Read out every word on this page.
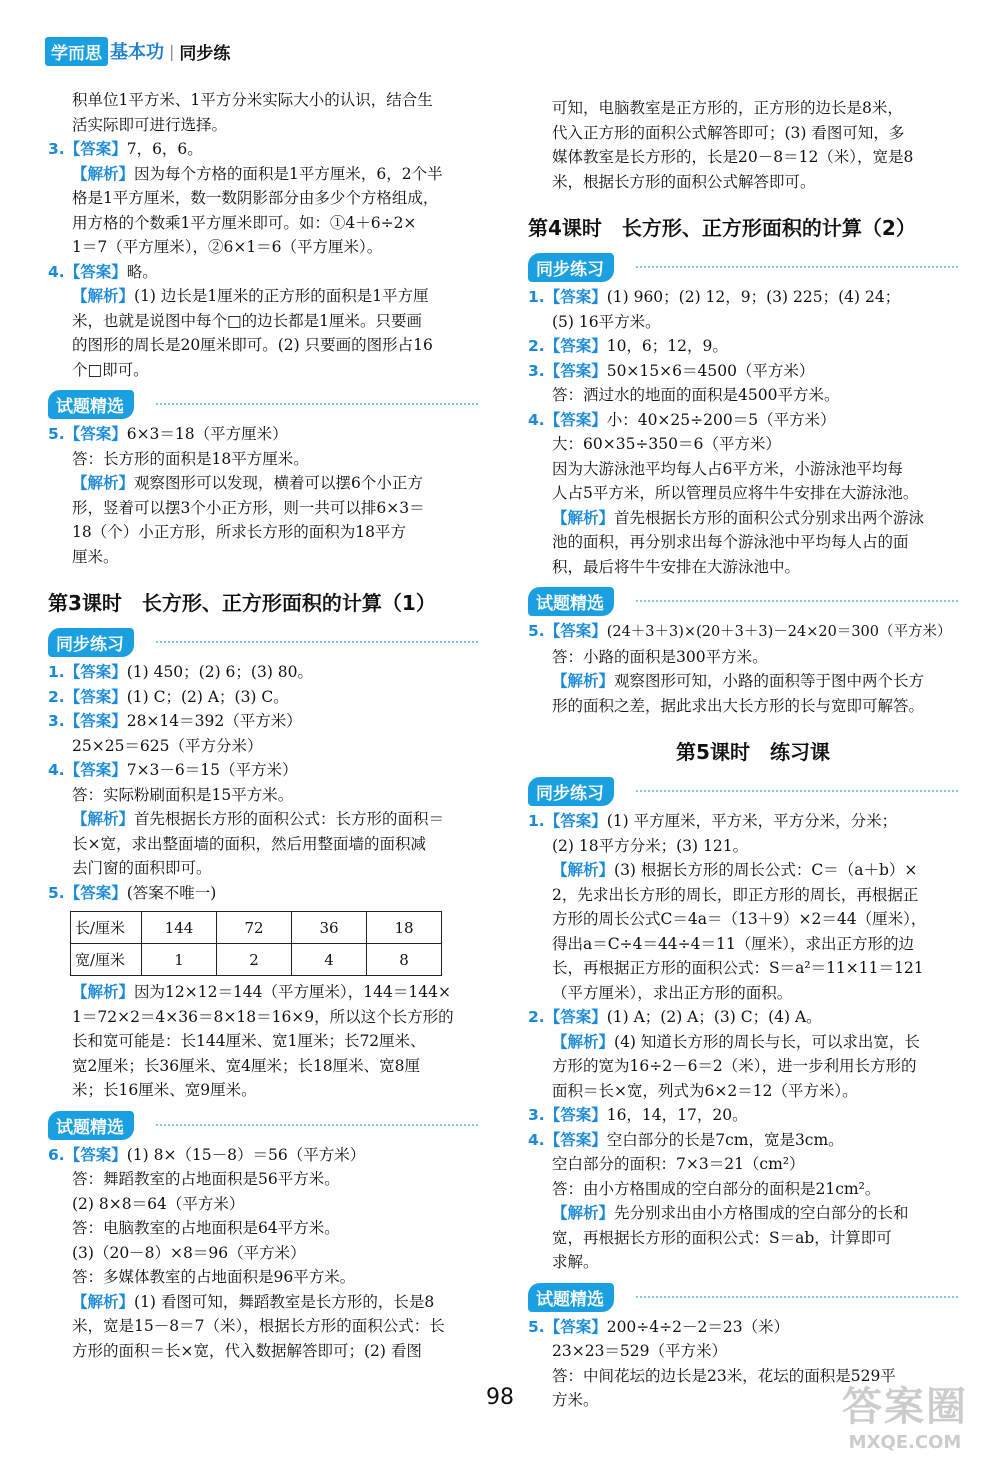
学而思 基本功 | 同步练
积单位1平方米、1平方分米实际大小的认识，结合生
活实际即可进行选择。
3.【答案】7，6，6。
【解析】因为每个方格的面积是1平方厘米，6，2个半
格是1平方厘米，数一数阴影部分由多少个方格组成，
用方格的个数乘1平方厘米即可。如：①4＋6÷2×
1＝7（平方厘米），②6×1＝6（平方厘米）。
4.【答案】略。
【解析】(1) 边长是1厘米的正方形的面积是1平方厘
米，也就是说图中每个□的边长都是1厘米。只要画
的图形的周长是20厘米即可。(2) 只要画的图形占16
个□即可。
试题精选
5.【答案】6×3＝18（平方厘米）
答：长方形的面积是18平方厘米。
【解析】观察图形可以发现，横着可以摆6个小正方
形，竖着可以摆3个小正方形，则一共可以排6×3＝
18（个）小正方形，所求长方形的面积为18平方
厘米。
第3课时　长方形、正方形面积的计算（1）
同步练习
1.【答案】(1) 450；(2) 6；(3) 80。
2.【答案】(1) C；(2) A；(3) C。
3.【答案】28×14＝392（平方米）
25×25＝625（平方分米）
4.【答案】7×3－6＝15（平方米）
答：实际粉刷面积是15平方米。
【解析】首先根据长方形的面积公式：长方形的面积＝
长×宽，求出整面墙的面积，然后用整面墙的面积减
去门窗的面积即可。
5.【答案】(答案不唯一)
长/厘米	144	72	36	18
宽/厘米	1	2	4	8
【解析】因为12×12＝144（平方厘米），144＝144×
1＝72×2＝4×36＝8×18＝16×9，所以这个长方形的
长和宽可能是：长144厘米、宽1厘米；长72厘米、
宽2厘米；长36厘米、宽4厘米；长18厘米、宽8厘
米；长16厘米、宽9厘米。
试题精选
6.【答案】(1) 8×（15－8）＝56（平方米）
答：舞蹈教室的占地面积是56平方米。
(2) 8×8＝64（平方米）
答：电脑教室的占地面积是64平方米。
(3)（20－8）×8＝96（平方米）
答：多媒体教室的占地面积是96平方米。
【解析】(1) 看图可知，舞蹈教室是长方形的，长是8
米，宽是15－8＝7（米），根据长方形的面积公式：长
方形的面积＝长×宽，代入数据解答即可；(2) 看图
可知，电脑教室是正方形的，正方形的边长是8米，
代入正方形的面积公式解答即可；(3) 看图可知，多
媒体教室是长方形的，长是20－8＝12（米），宽是8
米，根据长方形的面积公式解答即可。
第4课时　长方形、正方形面积的计算（2）
同步练习
1.【答案】(1) 960；(2) 12，9；(3) 225；(4) 24；
(5) 16平方米。
2.【答案】10，6；12，9。
3.【答案】50×15×6＝4500（平方米）
答：洒过水的地面的面积是4500平方米。
4.【答案】小：40×25÷200＝5（平方米）
大：60×35÷350＝6（平方米）
因为大游泳池平均每人占6平方米，小游泳池平均每
人占5平方米，所以管理员应将牛牛安排在大游泳池。
【解析】首先根据长方形的面积公式分别求出两个游泳
池的面积，再分别求出每个游泳池中平均每人占的面
积，最后将牛牛安排在大游泳池中。
试题精选
5.【答案】(24＋3＋3)×(20＋3＋3)－24×20＝300（平方米）
答：小路的面积是300平方米。
【解析】观察图形可知，小路的面积等于图中两个长方
形的面积之差，据此求出大长方形的长与宽即可解答。
第5课时　练习课
同步练习
1.【答案】(1) 平方厘米，平方米，平方分米，分米；
(2) 18平方分米；(3) 121。
【解析】(3) 根据长方形的周长公式：C＝（a＋b）×
2，先求出长方形的周长，即正方形的周长，再根据正
方形的周长公式C＝4a＝（13＋9）×2＝44（厘米），
得出a＝C÷4＝44÷4＝11（厘米），求出正方形的边
长，再根据正方形的面积公式：S＝a²＝11×11＝121
（平方厘米），求出正方形的面积。
2.【答案】(1) A；(2) A；(3) C；(4) A。
【解析】(4) 知道长方形的周长与长，可以求出宽，长
方形的宽为16÷2－6＝2（米），进一步利用长方形的
面积＝长×宽，列式为6×2＝12（平方米）。
3.【答案】16，14，17，20。
4.【答案】空白部分的长是7cm，宽是3cm。
空白部分的面积：7×3＝21（cm²）
答：由小方格围成的空白部分的面积是21cm²。
【解析】先分别求出由小方格围成的空白部分的长和
宽，再根据长方形的面积公式：S＝ab，计算即可
求解。
试题精选
5.【答案】200÷4÷2－2＝23（米）
23×23＝529（平方米）
答：中间花坛的边长是23米，花坛的面积是529平
方米。
98	答案圈
MXQE.COM
